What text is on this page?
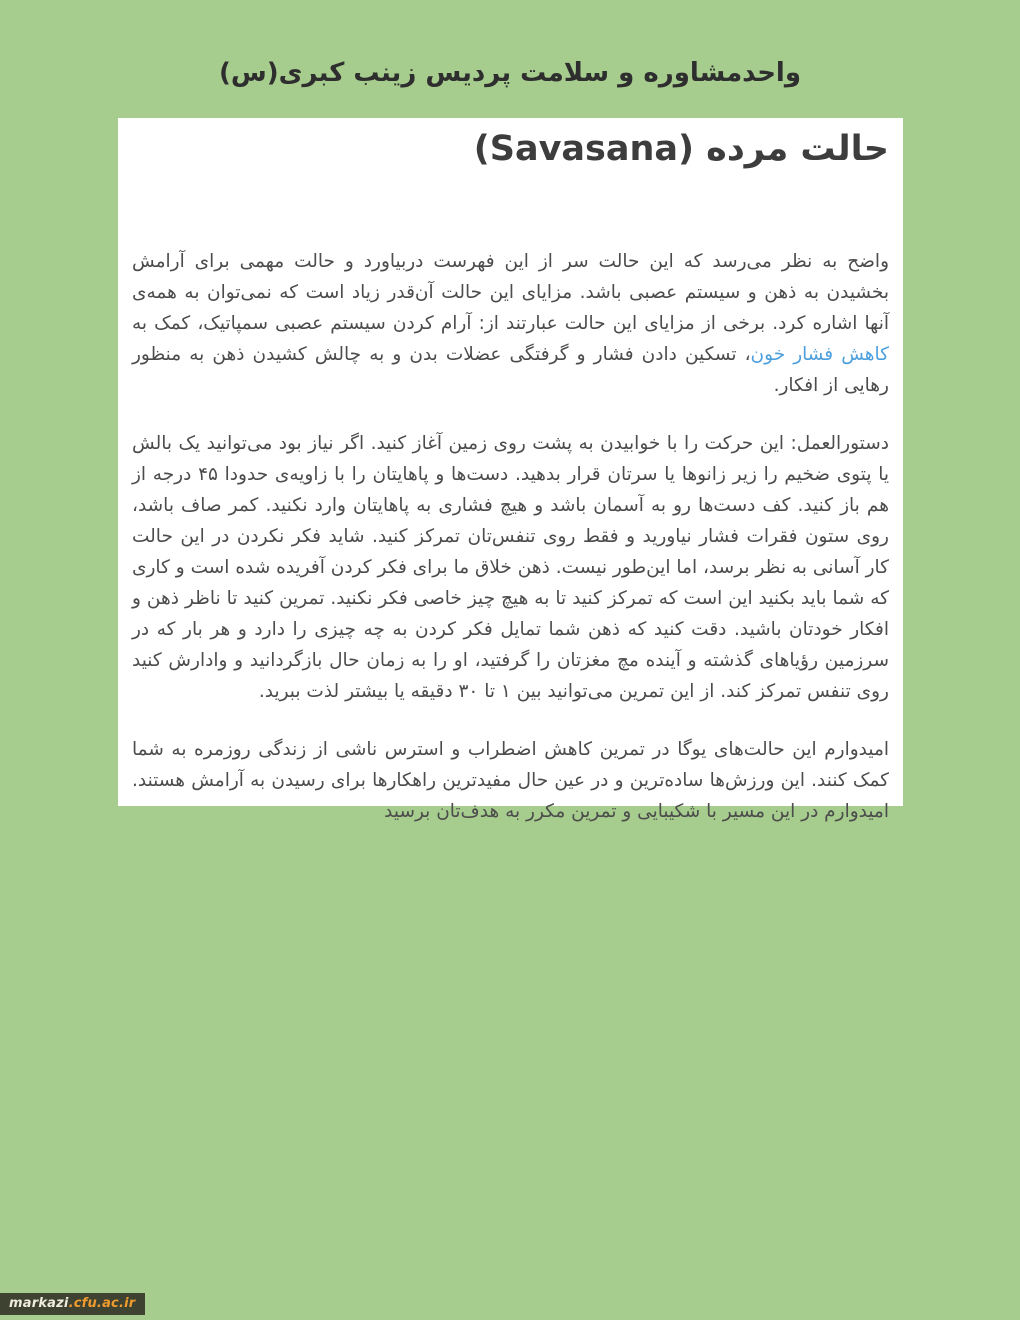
واحدمشاوره و سلامت پردیس زینب کبری(س)
حالت مرده (Savasana)

واضح به نظر می‌رسد که این حالت سر از این فهرست دربیاورد و حالت مهمی برای آرامش بخشیدن به ذهن و سیستم عصبی باشد. مزایای این حالت آن‌قدر زیاد است که نمی‌توان به همه‌ی آنها اشاره کرد. برخی از مزایای این حالت عبارتند از: آرام کردن سیستم عصبی سمپاتیک، کمک به کاهش فشار خون، تسکین دادن فشار و گرفتگی عضلات بدن و به چالش کشیدن ذهن به منظور رهایی از افکار.

دستورالعمل: این حرکت را با خوابیدن به پشت روی زمین آغاز کنید. اگر نیاز بود می‌توانید یک بالش یا پتوی ضخیم را زیر زانوها یا سرتان قرار بدهید. دست‌ها و پاهایتان را با زاویه‌ی حدودا ۴۵ درجه از هم باز کنید. کف دست‌ها رو به آسمان باشد و هیچ فشاری به پاهایتان وارد نکنید. کمر صاف باشد، روی ستون فقرات فشار نیاورید و فقط روی تنفس‌تان تمرکز کنید. شاید فکر نکردن در این حالت کار آسانی به نظر برسد، اما این‌طور نیست. ذهن خلاق ما برای فکر کردن آفریده شده است و کاری که شما باید بکنید این است که تمرکز کنید تا به هیچ چیز خاصی فکر نکنید. تمرین کنید تا ناظر ذهن و افکار خودتان باشید. دقت کنید که ذهن شما تمایل فکر کردن به چه چیزی را دارد و هر بار که در سرزمین رؤیاهای گذشته و آینده مچ مغزتان را گرفتید، او را به زمان حال بازگردانید و وادارش کنید روی تنفس تمرکز کند. از این تمرین می‌توانید بین ۱ تا ۳۰ دقیقه یا بیشتر لذت ببرید.

امیدوارم این حالت‌های یوگا در تمرین کاهش اضطراب و استرس ناشی از زندگی روزمره به شما کمک کنند. این ورزش‌ها ساده‌ترین و در عین حال مفیدترین راهکارها برای رسیدن به آرامش هستند. امیدوارم در این مسیر با شکیبایی و تمرین مکرر به هدف‌تان برسید

markazi.cfu.ac.ir
